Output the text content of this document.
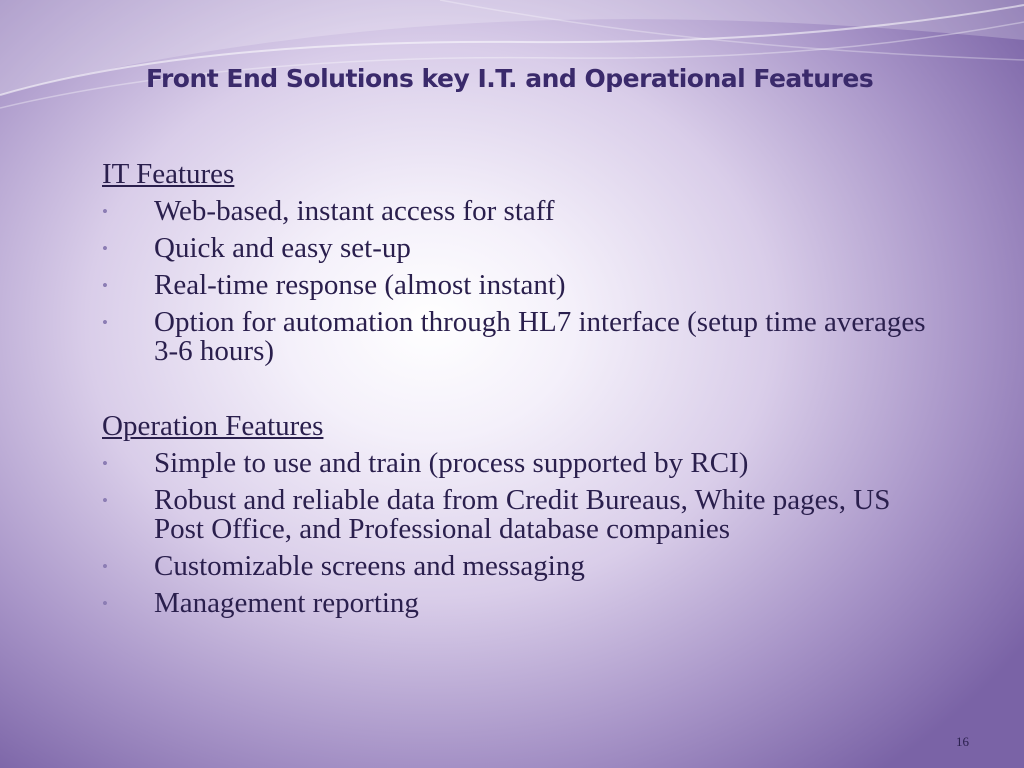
Front End Solutions key I.T. and Operational Features

IT Features

• Web-based, instant access for staff
• Quick and easy set-up
• Real-time response (almost instant)
• Option for automation through HL7 interface (setup time averages 3-6 hours)

Operation Features

• Simple to use and train (process supported by RCI)
• Robust and reliable data from Credit Bureaus, White pages, US Post Office, and Professional database companies
• Customizable screens and messaging
• Management reporting
16
